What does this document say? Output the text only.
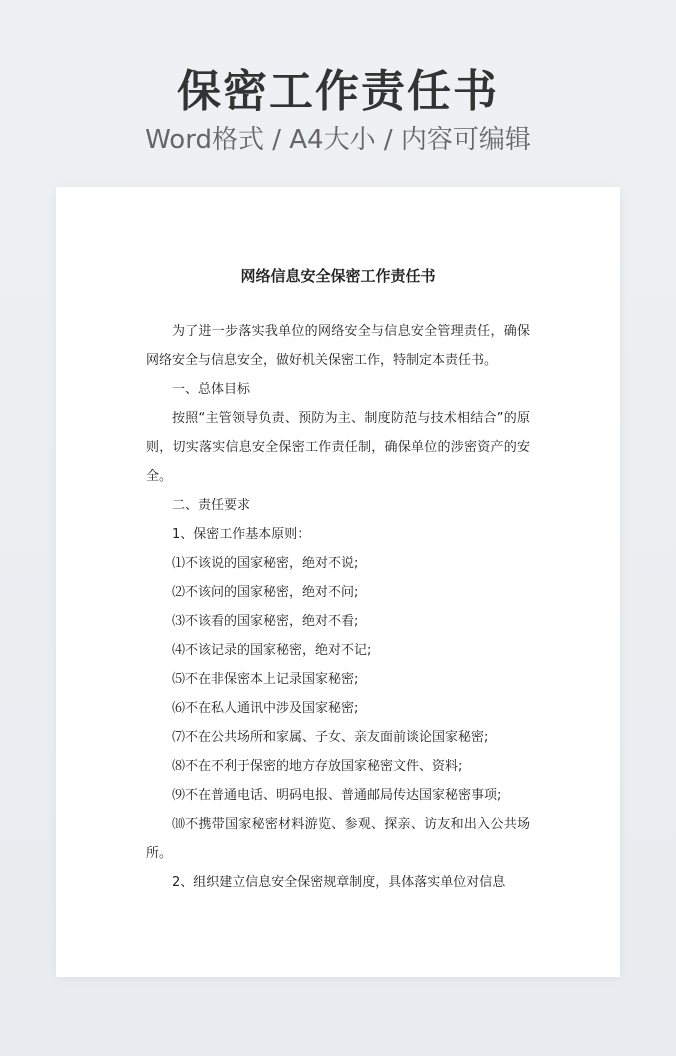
保密工作责任书
Word格式 / A4大小 / 内容可编辑
网络信息安全保密工作责任书

为了进一步落实我单位的网络安全与信息安全管理责任，确保网络安全与信息安全，做好机关保密工作，特制定本责任书。

一、总体目标

按照“主管领导负责、预防为主、制度防范与技术相结合”的原则，切实落实信息安全保密工作责任制，确保单位的涉密资产的安全。

二、责任要求

1、保密工作基本原则：

⑴不该说的国家秘密，绝对不说;

⑵不该问的国家秘密，绝对不问;

⑶不该看的国家秘密，绝对不看;

⑷不该记录的国家秘密，绝对不记;

⑸不在非保密本上记录国家秘密;

⑹不在私人通讯中涉及国家秘密;

⑺不在公共场所和家属、子女、亲友面前谈论国家秘密;

⑻不在不利于保密的地方存放国家秘密文件、资料;

⑼不在普通电话、明码电报、普通邮局传达国家秘密事项;

⑽不携带国家秘密材料游览、参观、探亲、访友和出入公共场所。

2、组织建立信息安全保密规章制度，具体落实单位对信息
